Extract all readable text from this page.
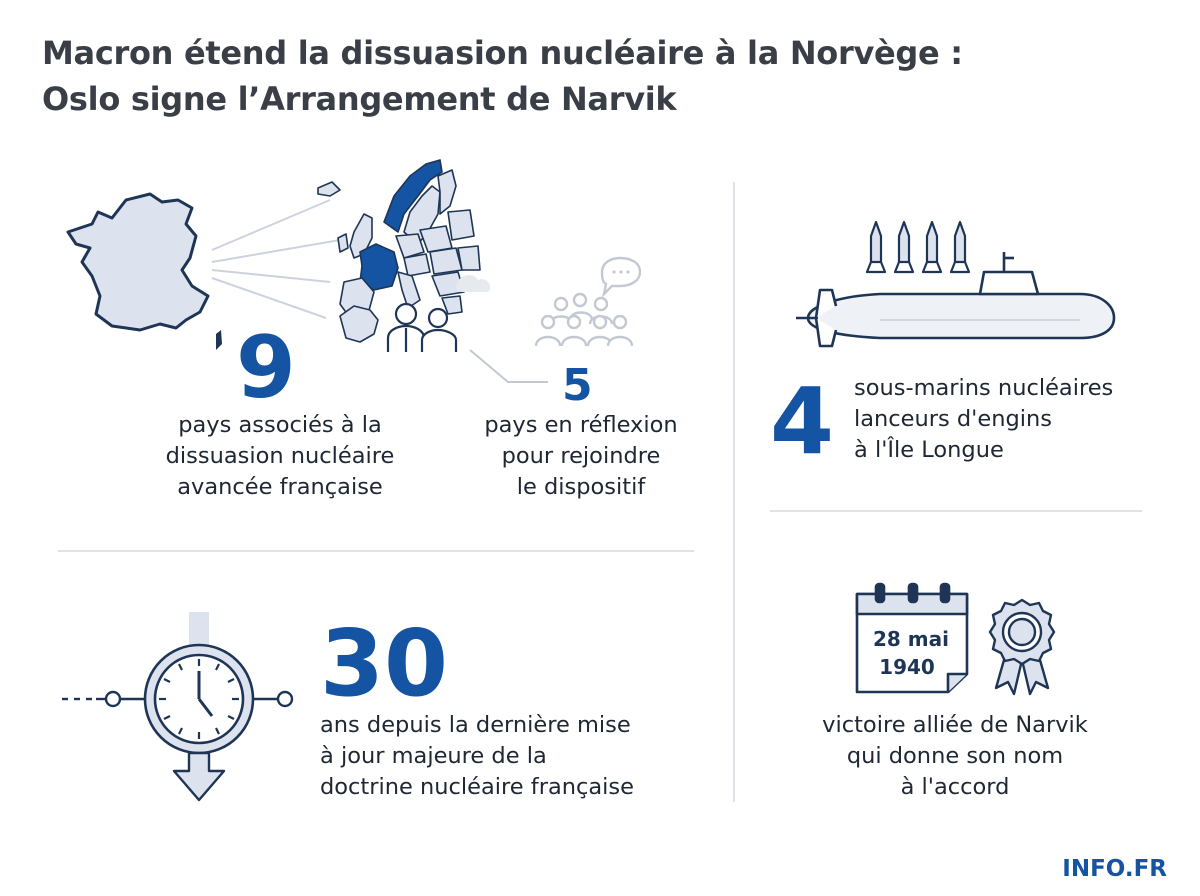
Macron étend la dissuasion nucléaire à la Norvège :
Oslo signe l’Arrangement de Narvik
9
pays associés à la
dissuasion nucléaire
avancée française
5
pays en réflexion
pour rejoindre
le dispositif
4 sous-marins nucléaires
lanceurs d'engins
à l'Île Longue
30
ans depuis la dernière mise
à jour majeure de la
doctrine nucléaire française
28 mai
1940
victoire alliée de Narvik
qui donne son nom
à l'accord
INFO.FR
